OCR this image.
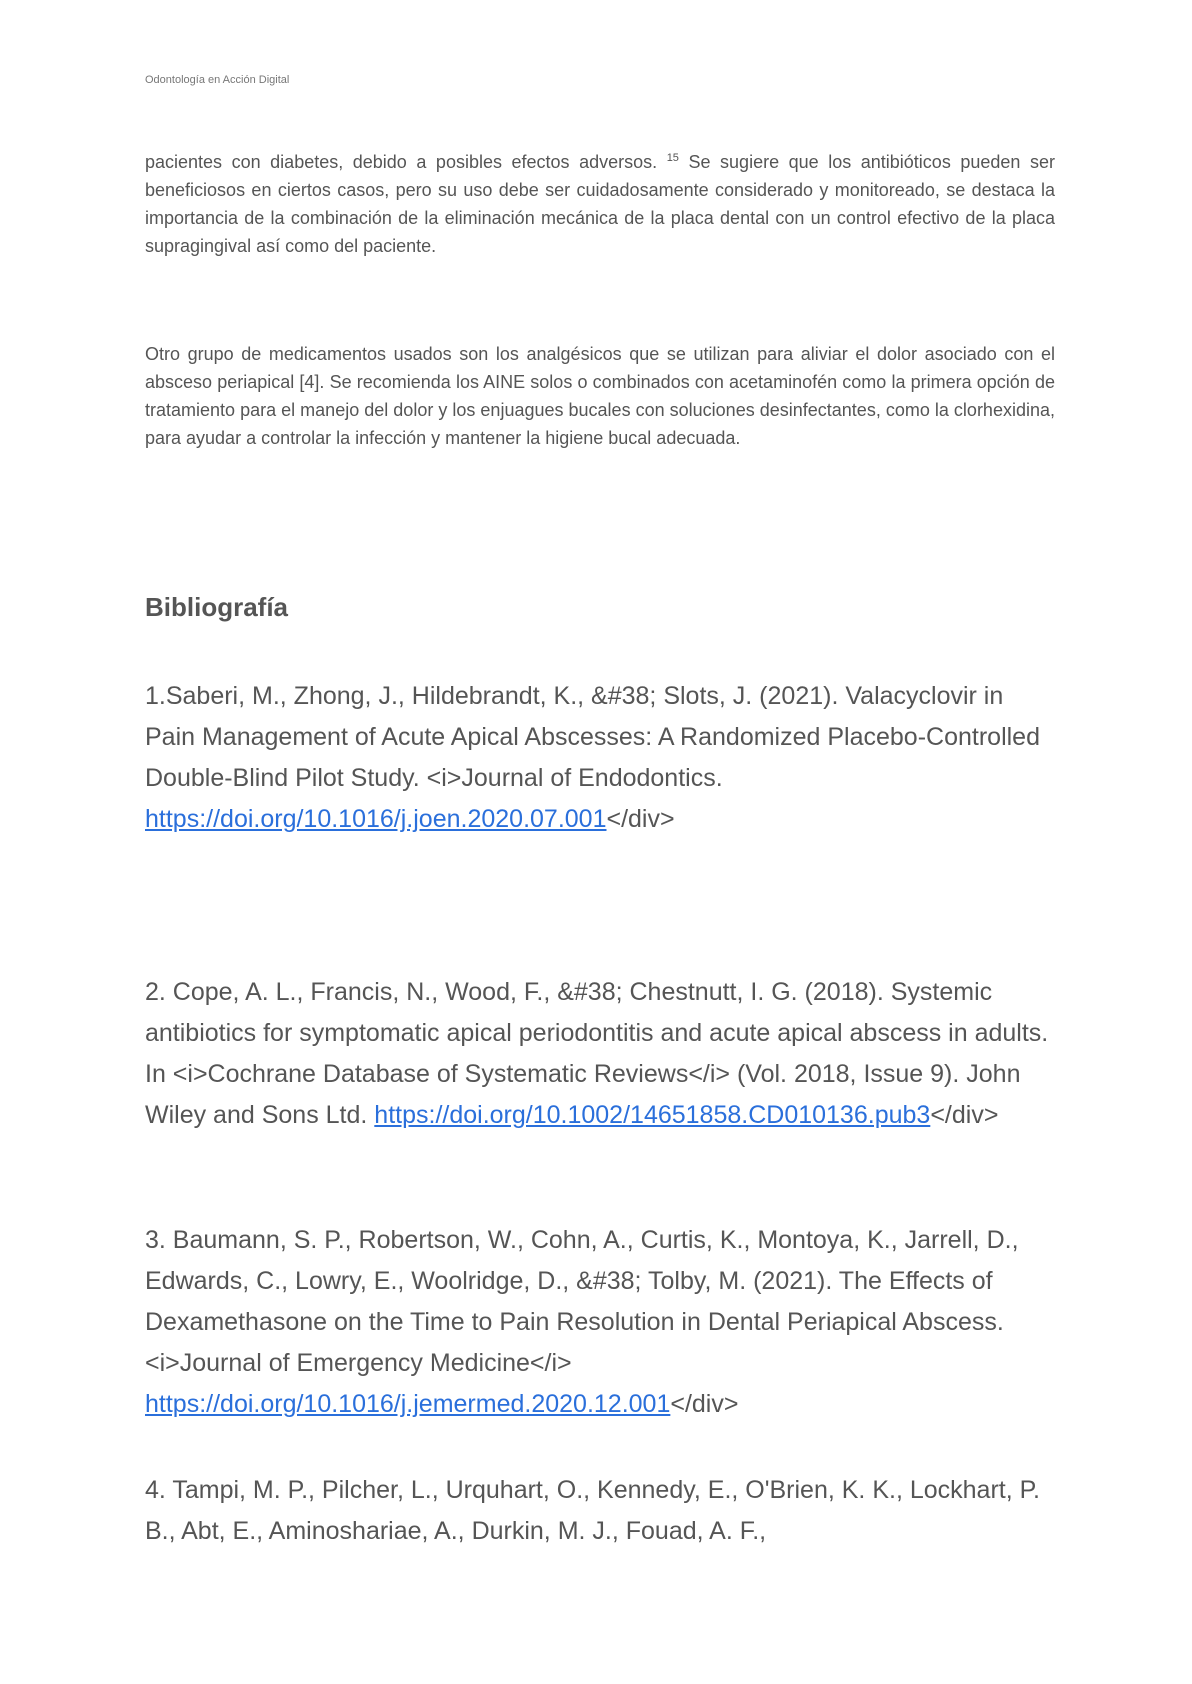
Odontología en Acción Digital

pacientes con diabetes, debido a posibles efectos adversos. $^{15}$ Se sugiere que los antibióticos pueden ser beneficiosos en ciertos casos, pero su uso debe ser cuidadosamente considerado y monitoreado, se destaca la importancia de la combinación de la eliminación mecánica de la placa dental con un control efectivo de la placa supragingival así como del paciente.

Otro grupo de medicamentos usados son los analgésicos que se utilizan para aliviar el dolor asociado con el absceso periapical [4]. Se recomienda los AINE solos o combinados con acetaminofén como la primera opción de tratamiento para el manejo del dolor y los enjuagues bucales con soluciones desinfectantes, como la clorhexidina, para ayudar a controlar la infección y mantener la higiene bucal adecuada.

Bibliografía

1.Saberi, M., Zhong, J., Hildebrandt, K., &#38; Slots, J. (2021). Valacyclovir in Pain Management of Acute Apical Abscesses: A Randomized Placebo-Controlled Double-Blind Pilot Study. <i>Journal of Endodontics. https://doi.org/10.1016/j.joen.2020.07.001</div>

2. Cope, A. L., Francis, N., Wood, F., &#38; Chestnutt, I. G. (2018). Systemic antibiotics for symptomatic apical periodontitis and acute apical abscess in adults. In <i>Cochrane Database of Systematic Reviews</i> (Vol. 2018, Issue 9). John Wiley and Sons Ltd. https://doi.org/10.1002/14651858.CD010136.pub3</div>

3. Baumann, S. P., Robertson, W., Cohn, A., Curtis, K., Montoya, K., Jarrell, D., Edwards, C., Lowry, E., Woolridge, D., &#38; Tolby, M. (2021). The Effects of Dexamethasone on the Time to Pain Resolution in Dental Periapical Abscess. <i>Journal of Emergency Medicine</i> https://doi.org/10.1016/j.jemermed.2020.12.001</div>

4. Tampi, M. P., Pilcher, L., Urquhart, O., Kennedy, E., O'Brien, K. K., Lockhart, P. B., Abt, E., Aminoshariae, A., Durkin, M. J., Fouad, A. F.,
